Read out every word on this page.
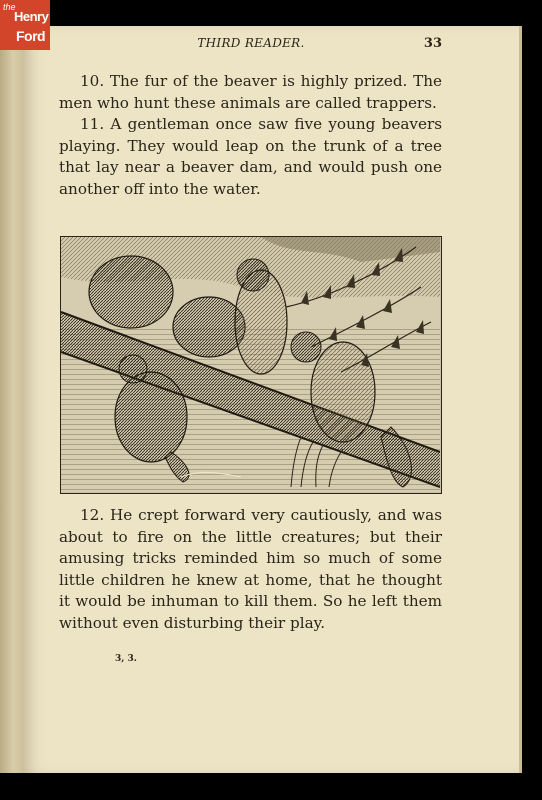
the
Henry
Ford	THIRD READER.	33

10. The fur of the beaver is highly prized. The men who hunt these animals are called trappers.

11. A gentleman once saw five young beavers playing. They would leap on the trunk of a tree that lay near a beaver dam, and would push one another off into the water.

12. He crept forward very cautiously, and was about to fire on the little creatures; but their amusing tricks reminded him so much of some little children he knew at home, that he thought it would be inhuman to kill them. So he left them without even disturbing their play.

3, 3.
